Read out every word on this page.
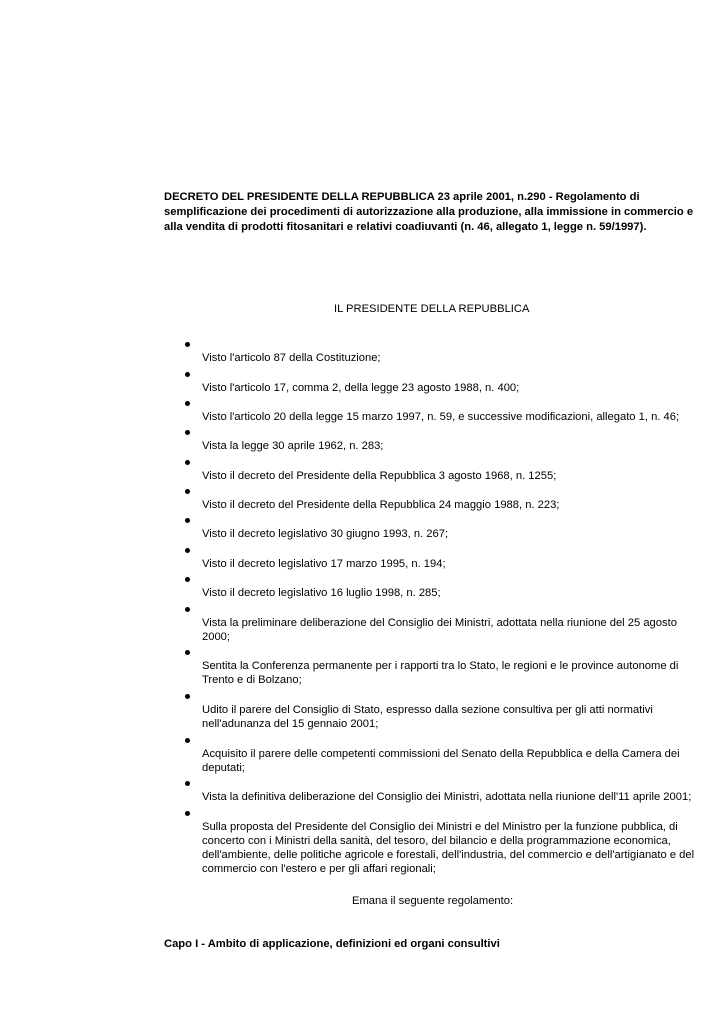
DECRETO DEL PRESIDENTE DELLA REPUBBLICA 23 aprile 2001, n.290 - Regolamento di
semplificazione dei procedimenti di autorizzazione alla produzione, alla immissione in commercio e
alla vendita di prodotti fitosanitari e relativi coadiuvanti (n. 46, allegato 1, legge n. 59/1997).
IL PRESIDENTE DELLA REPUBBLICA
Visto l'articolo 87 della Costituzione;
Visto l'articolo 17, comma 2, della legge 23 agosto 1988, n. 400;
Visto l'articolo 20 della legge 15 marzo 1997, n. 59, e successive modificazioni, allegato 1, n. 46;
Vista la legge 30 aprile 1962, n. 283;
Visto il decreto del Presidente della Repubblica 3 agosto 1968, n. 1255;
Visto il decreto del Presidente della Repubblica 24 maggio 1988, n. 223;
Visto il decreto legislativo 30 giugno 1993, n. 267;
Visto il decreto legislativo 17 marzo 1995, n. 194;
Visto il decreto legislativo 16 luglio 1998, n. 285;
Vista la preliminare deliberazione del Consiglio dei Ministri, adottata nella riunione del 25 agosto
2000;
Sentita la Conferenza permanente per i rapporti tra lo Stato, le regioni e le province autonome di
Trento e di Bolzano;
Udito il parere del Consiglio di Stato, espresso dalla sezione consultiva per gli atti normativi
nell'adunanza del 15 gennaio 2001;
Acquisito il parere delle competenti commissioni del Senato della Repubblica e della Camera dei
deputati;
Vista la definitiva deliberazione del Consiglio dei Ministri, adottata nella riunione dell'11 aprile 2001;
Sulla proposta del Presidente del Consiglio dei Ministri e del Ministro per la funzione pubblica, di
concerto con i Ministri della sanità, del tesoro, del bilancio e della programmazione economica,
dell'ambiente, delle politiche agricole e forestali, dell'industria, del commercio e dell'artigianato e del
commercio con l'estero e per gli affari regionali;
Emana il seguente regolamento:
Capo I - Ambito di applicazione, definizioni ed organi consultivi
